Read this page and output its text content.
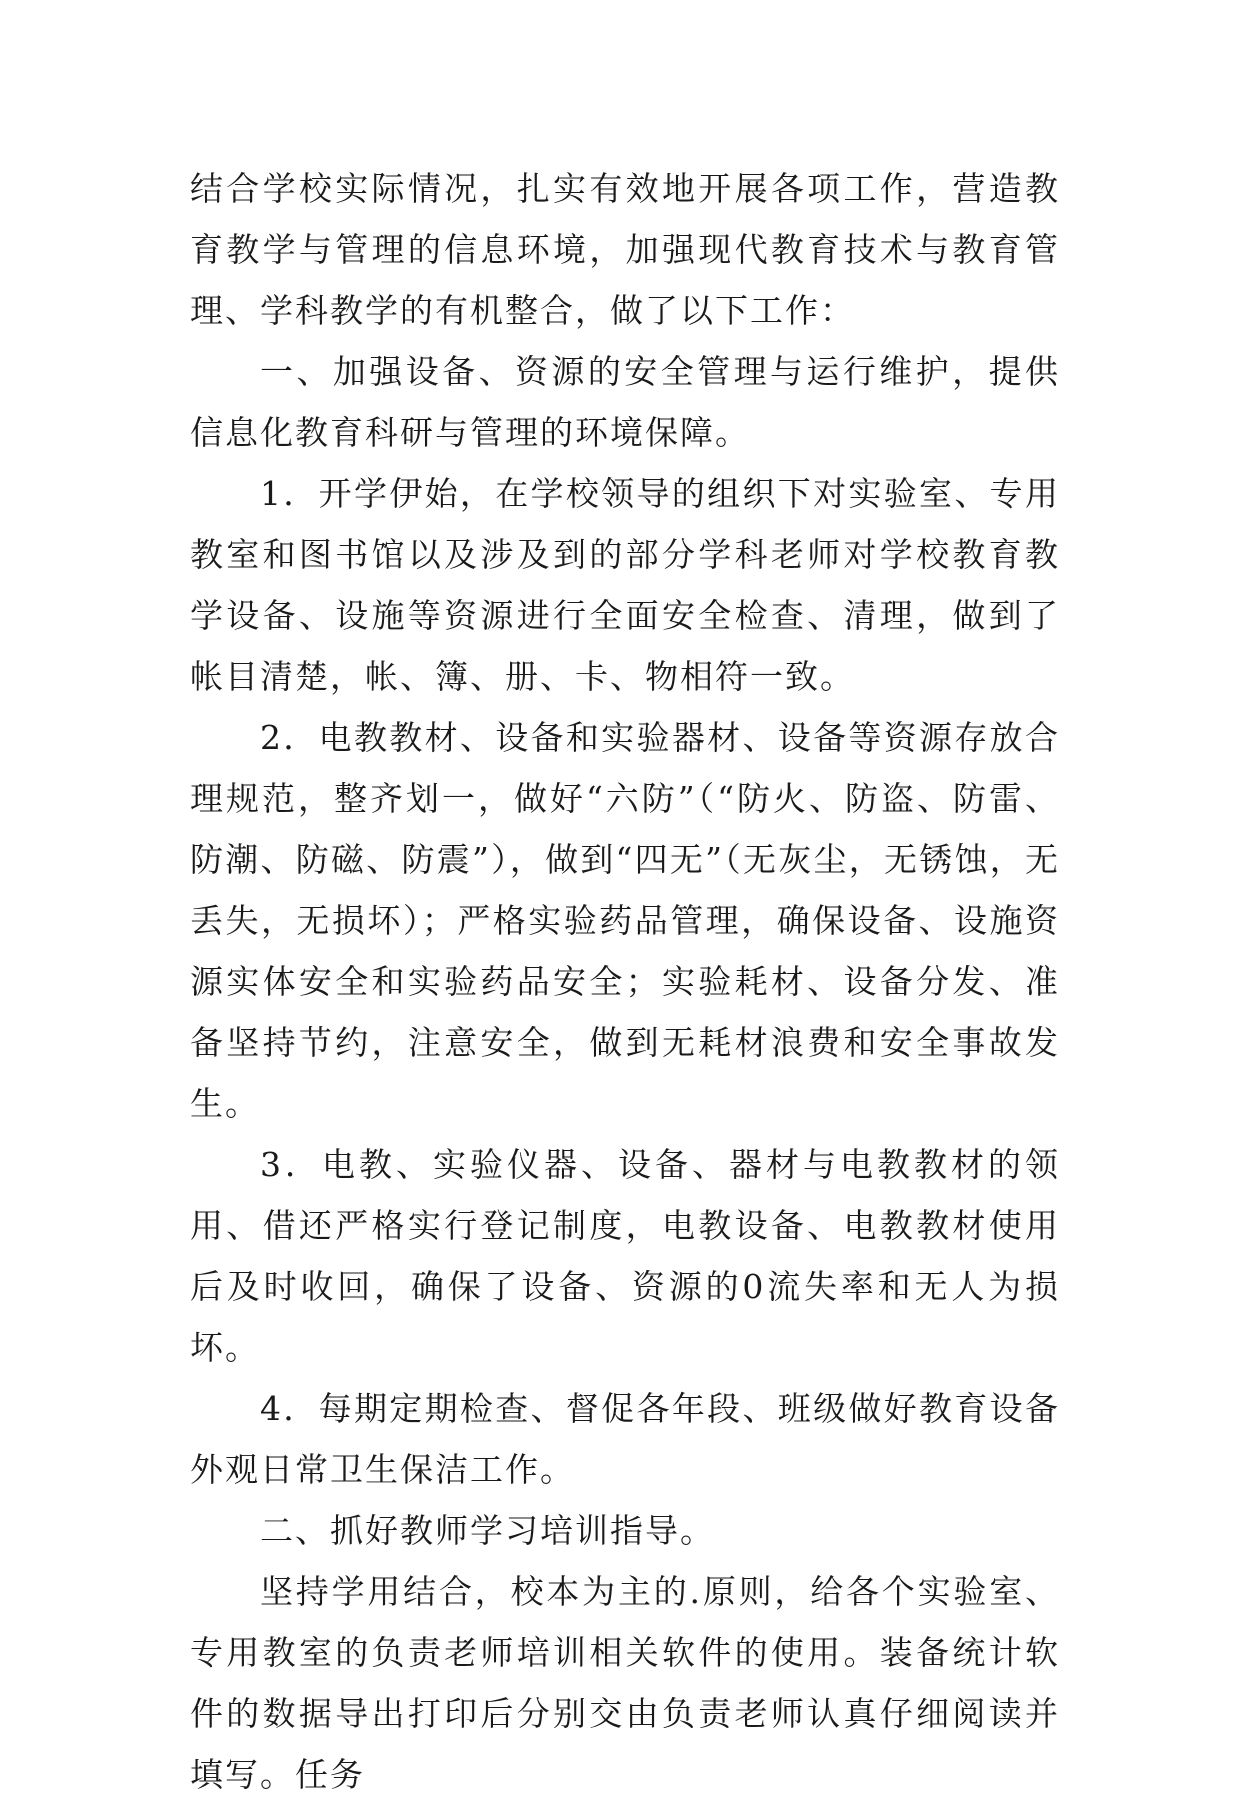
结合学校实际情况，扎实有效地开展各项工作，营造教育教学与管理的信息环境，加强现代教育技术与教育管理、学科教学的有机整合，做了以下工作：

一、加强设备、资源的安全管理与运行维护，提供信息化教育科研与管理的环境保障。

1．开学伊始，在学校领导的组织下对实验室、专用教室和图书馆以及涉及到的部分学科老师对学校教育教学设备、设施等资源进行全面安全检查、清理，做到了帐目清楚，帐、簿、册、卡、物相符一致。

2．电教教材、设备和实验器材、设备等资源存放合理规范，整齐划一，做好“六防”（“防火、防盗、防雷、防潮、防磁、防震”），做到“四无”（无灰尘，无锈蚀，无丢失，无损坏）；严格实验药品管理，确保设备、设施资源实体安全和实验药品安全；实验耗材、设备分发、准备坚持节约，注意安全，做到无耗材浪费和安全事故发生。

3．电教、实验仪器、设备、器材与电教教材的领用、借还严格实行登记制度，电教设备、电教教材使用后及时收回，确保了设备、资源的0流失率和无人为损坏。

4．每期定期检查、督促各年段、班级做好教育设备外观日常卫生保洁工作。

二、抓好教师学习培训指导。

坚持学用结合，校本为主的.原则，给各个实验室、专用教室的负责老师培训相关软件的使用。装备统计软件的数据导出打印后分别交由负责老师认真仔细阅读并填写。任务
